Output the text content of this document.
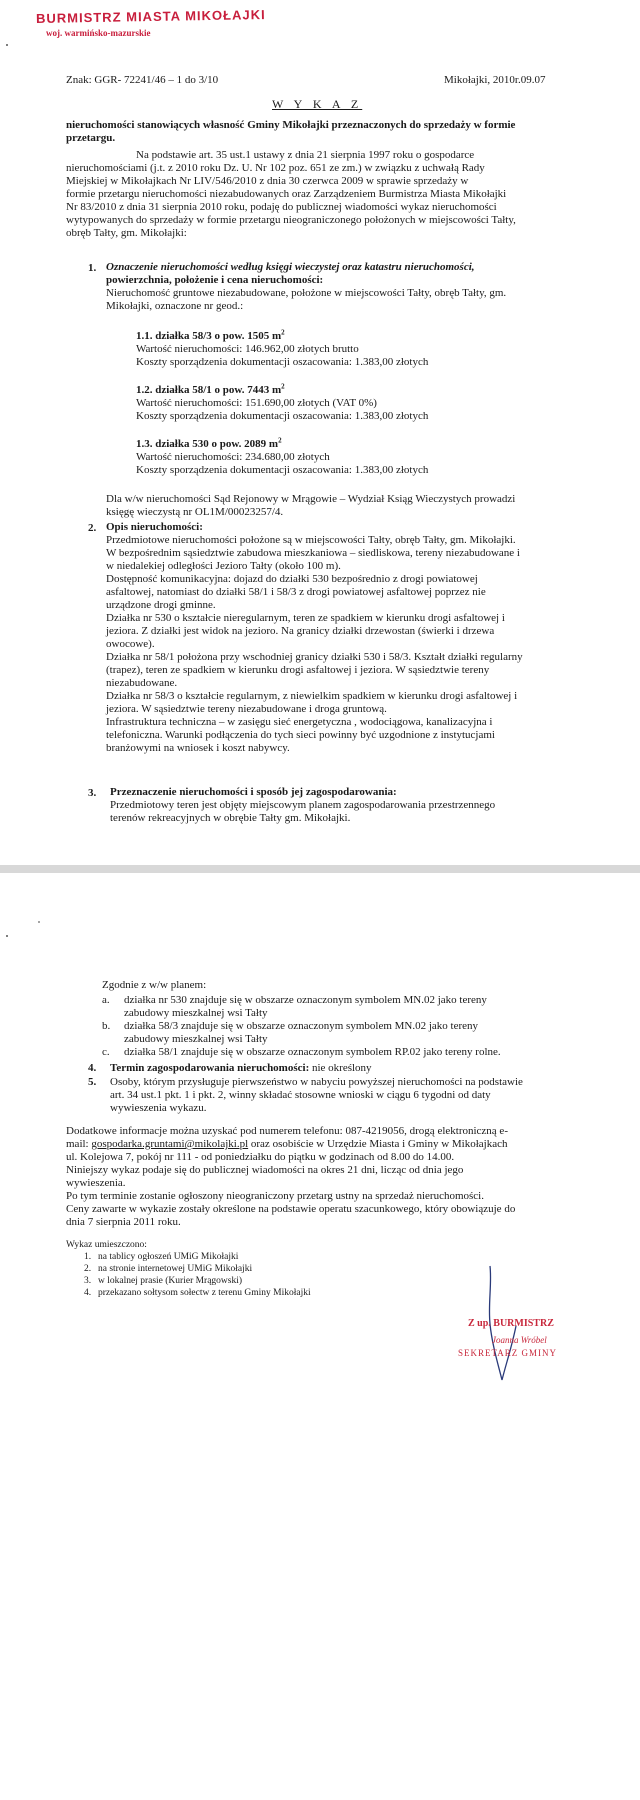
BURMISTRZ MIASTA MIKOŁAJKI
woj. warmińsko-mazurskie
Znak: GGR- 72241/46 – 1 do 3/10	Mikołajki, 2010r.09.07
W Y K A Z
nieruchomości stanowiących własność Gminy Mikołajki przeznaczonych do sprzedaży w formie
przetargu.
Na podstawie art. 35 ust.1 ustawy z dnia 21 sierpnia 1997 roku o gospodarce
nieruchomościami (j.t. z 2010 roku Dz. U. Nr 102 poz. 651 ze zm.) w związku z uchwałą Rady
Miejskiej w Mikołajkach Nr LIV/546/2010 z dnia 30 czerwca 2009 w sprawie sprzedaży w
formie przetargu nieruchomości niezabudowanych oraz Zarządzeniem Burmistrza Miasta Mikołajki
Nr 83/2010 z dnia 31 sierpnia 2010 roku, podaję do publicznej wiadomości wykaz nieruchomości
wytypowanych do sprzedaży w formie przetargu nieograniczonego położonych w miejscowości Tałty,
obręb Tałty, gm. Mikołajki:
1. Oznaczenie nieruchomości według księgi wieczystej oraz katastru nieruchomości,
powierzchnia, położenie i cena nieruchomości:
Nieruchomość gruntowe niezabudowane, położone w miejscowości Tałty, obręb Tałty, gm.
Mikołajki, oznaczone nr geod.:
1.1. działka 58/3 o pow. 1505 $m^2$
Wartość nieruchomości: 146.962,00 złotych brutto
Koszty sporządzenia dokumentacji oszacowania: 1.383,00 złotych
1.2. działka 58/1 o pow. 7443 $m^2$
Wartość nieruchomości: 151.690,00 złotych (VAT 0%)
Koszty sporządzenia dokumentacji oszacowania: 1.383,00 złotych
1.3. działka 530 o pow. 2089 $m^2$
Wartość nieruchomości: 234.680,00 złotych
Koszty sporządzenia dokumentacji oszacowania: 1.383,00 złotych
Dla w/w nieruchomości Sąd Rejonowy w Mrągowie – Wydział Ksiąg Wieczystych prowadzi
księgę wieczystą nr OL1M/00023257/4.
2. Opis nieruchomości:
Przedmiotowe nieruchomości położone są w miejscowości Tałty, obręb Tałty, gm. Mikołajki.
W bezpośrednim sąsiedztwie zabudowa mieszkaniowa – siedliskowa, tereny niezabudowane i
w niedalekiej odległości Jezioro Tałty (około 100 m).
Dostępność komunikacyjna: dojazd do działki 530 bezpośrednio z drogi powiatowej
asfaltowej, natomiast do działki 58/1 i 58/3 z drogi powiatowej asfaltowej poprzez nie
urządzone drogi gminne.
Działka nr 530 o kształcie nieregularnym, teren ze spadkiem w kierunku drogi asfaltowej i
jeziora. Z działki jest widok na jezioro. Na granicy działki drzewostan (świerki i drzewa
owocowe).
Działka nr 58/1 położona przy wschodniej granicy działki 530 i 58/3. Kształt działki regularny
(trapez), teren ze spadkiem w kierunku drogi asfaltowej i jeziora. W sąsiedztwie tereny
niezabudowane.
Działka nr 58/3 o kształcie regularnym, z niewielkim spadkiem w kierunku drogi asfaltowej i
jeziora. W sąsiedztwie tereny niezabudowane i droga gruntową.
Infrastruktura techniczna – w zasięgu sieć energetyczna , wodociągowa, kanalizacyjna i
telefoniczna. Warunki podłączenia do tych sieci powinny być uzgodnione z instytucjami
branżowymi na wniosek i koszt nabywcy.
3. Przeznaczenie nieruchomości i sposób jej zagospodarowania:
Przedmiotowy teren jest objęty miejscowym planem zagospodarowania przestrzennego
terenów rekreacyjnych w obrębie Tałty gm. Mikołajki.
Zgodnie z w/w planem:
a. działka nr 530 znajduje się w obszarze oznaczonym symbolem MN.02 jako tereny
zabudowy mieszkalnej wsi Tałty
b. działka 58/3 znajduje się w obszarze oznaczonym symbolem MN.02 jako tereny
zabudowy mieszkalnej wsi Tałty
c. działka 58/1 znajduje się w obszarze oznaczonym symbolem RP.02 jako tereny rolne.
4. Termin zagospodarowania nieruchomości: nie określony
5. Osoby, którym przysługuje pierwszeństwo w nabyciu powyższej nieruchomości na podstawie
art. 34 ust.1 pkt. 1 i pkt. 2, winny składać stosowne wnioski w ciągu 6 tygodni od daty
wywieszenia wykazu.
Dodatkowe informacje można uzyskać pod numerem telefonu: 087-4219056, drogą elektroniczną e-
mail: gospodarka.gruntami@mikolajki.pl oraz osobiście w Urzędzie Miasta i Gminy w Mikołajkach
ul. Kolejowa 7, pokój nr 111 - od poniedziałku do piątku w godzinach od 8.00 do 14.00.
Niniejszy wykaz podaje się do publicznej wiadomości na okres 21 dni, licząc od dnia jego
wywieszenia.
Po tym terminie zostanie ogłoszony nieograniczony przetarg ustny na sprzedaż nieruchomości.
Ceny zawarte w wykazie zostały określone na podstawie operatu szacunkowego, który obowiązuje do
dnia 7 sierpnia 2011 roku.
Wykaz umieszczono:
1. na tablicy ogłoszeń UMiG Mikołajki
2. na stronie internetowej UMiG Mikołajki
3. w lokalnej prasie (Kurier Mrągowski)
4. przekazano sołtysom sołectw z terenu Gminy Mikołajki
Z up. BURMISTRZ
Joanna Wróbel
SEKRETARZ GMINY
